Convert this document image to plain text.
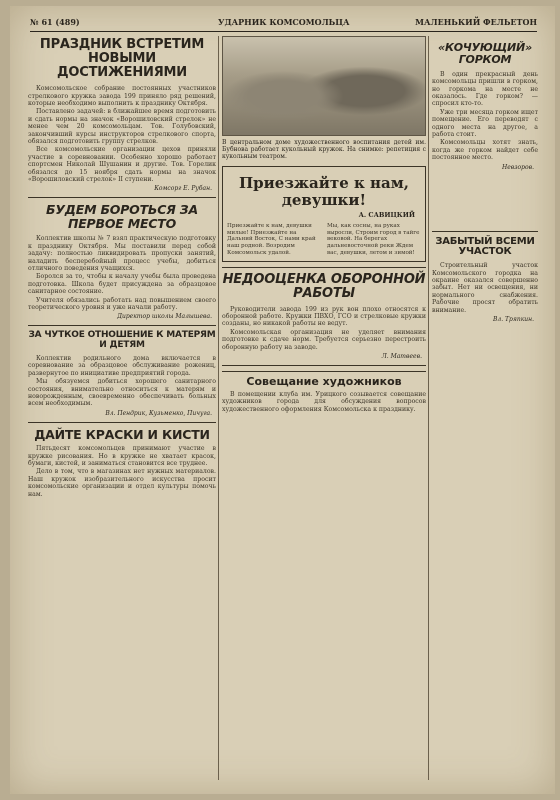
№ 61 (489)	УДАРНИК КОМСОМОЛЬЦА	МАЛЕНЬКИЙ ФЕЛЬЕТОН
ПРАЗДНИК ВСТРЕТИМ НОВЫМИ ДОСТИЖЕНИЯМИ

Комсомольское собрание постоянных участников стрелкового кружка завода 199 приняло ряд решений, которые необходимо выполнить к празднику Октября.

Поставлено задачей: в ближайшее время подготовить и сдать нормы на значок «Ворошиловский стрелок» не менее чем 20 комсомольцам. Тов. Голубовский, закончивший курсы инструкторов стрелкового спорта, обязался подготовить группу стрелков.

Все комсомольские организации цехов приняли участие в соревновании. Особенно хорошо работает спортсмен Николай Шушанин и другие. Тов. Горелик обязался до 15 ноября сдать нормы на значок «Ворошиловский стрелок» II ступени.

Комсорг Е. Рубан.
БУДЕМ БОРОТЬСЯ ЗА ПЕРВОЕ МЕСТО

Коллектив школы № 7 взял практическую подготовку к празднику Октября. Мы поставили перед собой задачу: полностью ликвидировать пропуски занятий, наладить бесперебойный процесс учебы, добиться отличного поведения учащихся.

Боролся за то, чтобы к началу учебы была проведена подготовка. Школа будет присуждена за образцовое санитарное состояние.

Учителя обязались работать над повышением своего теоретического уровня и уже начали работу.

Директор школы Малышева.
ЗА ЧУТКОЕ ОТНОШЕНИЕ К МАТЕРЯМ И ДЕТЯМ

Коллектив родильного дома включается в соревнование за образцовое обслуживание рожениц, развернутое по инициативе предприятий города.

Мы обязуемся добиться хорошего санитарного состояния, внимательно относиться к матерям и новорожденным, своевременно обеспечивать больных всем необходимым.

Вл. Пендрик, Кузьменко, Пичуга.
ДАЙТЕ КРАСКИ И КИСТИ

Пятьдесят комсомольцев принимают участие в кружке рисования. Но в кружке не хватает красок, бумаги, кистей, и заниматься становится все труднее.

Дело в том, что в магазинах нет нужных материалов. Наш кружок изобразительного искусства просит комсомольские организации и отдел культуры помочь нам.

В центральном доме художественного воспитания детей им. Бубнова работает кукольный кружок. На снимке: репетиция с кукольным театром.
Приезжайте к нам, девушки!
А. САВИЦКИЙ
Приезжайте к нам, девушки милые! Приезжайте на Дальний Восток, С нами край наш родной. Возродим Комсомольск удалой.
Мы, как сосны, на руках выросли, Строим город в тайге вековой. На берегах дальневосточной реки Ждем вас, девушки, летом и зимой!
НЕДООЦЕНКА ОБОРОННОЙ РАБОТЫ

Руководители завода 199 из рук вон плохо относятся к оборонной работе. Кружки ПВХО, ГСО и стрелковые кружки созданы, но никакой работы не ведут.

Комсомольская организация не уделяет внимания подготовке к сдаче норм. Требуется серьезно перестроить оборонную работу на заводе.

Л. Матвеев.
Совещание художников

В помещении клуба им. Урицкого созывается совещание художников города для обсуждения вопросов художественного оформления Комсомольска к празднику.

«КОЧУЮЩИЙ» ГОРКОМ

В один прекрасный день комсомольцы пришли в горком, но горкома на месте не оказалось. Где горком? — спросил кто-то.

Уже три месяца горком ищет помещение. Его переводят с одного места на другое, а работа стоит.

Комсомольцы хотят знать, когда же горком найдет себе постоянное место.

Невзоров.
ЗАБЫТЫЙ ВСЕМИ УЧАСТОК

Строительный участок Комсомольского городка на окраине оказался совершенно забыт. Нет ни освещения, ни нормального снабжения. Рабочие просят обратить внимание.

Вл. Тряпкин.
